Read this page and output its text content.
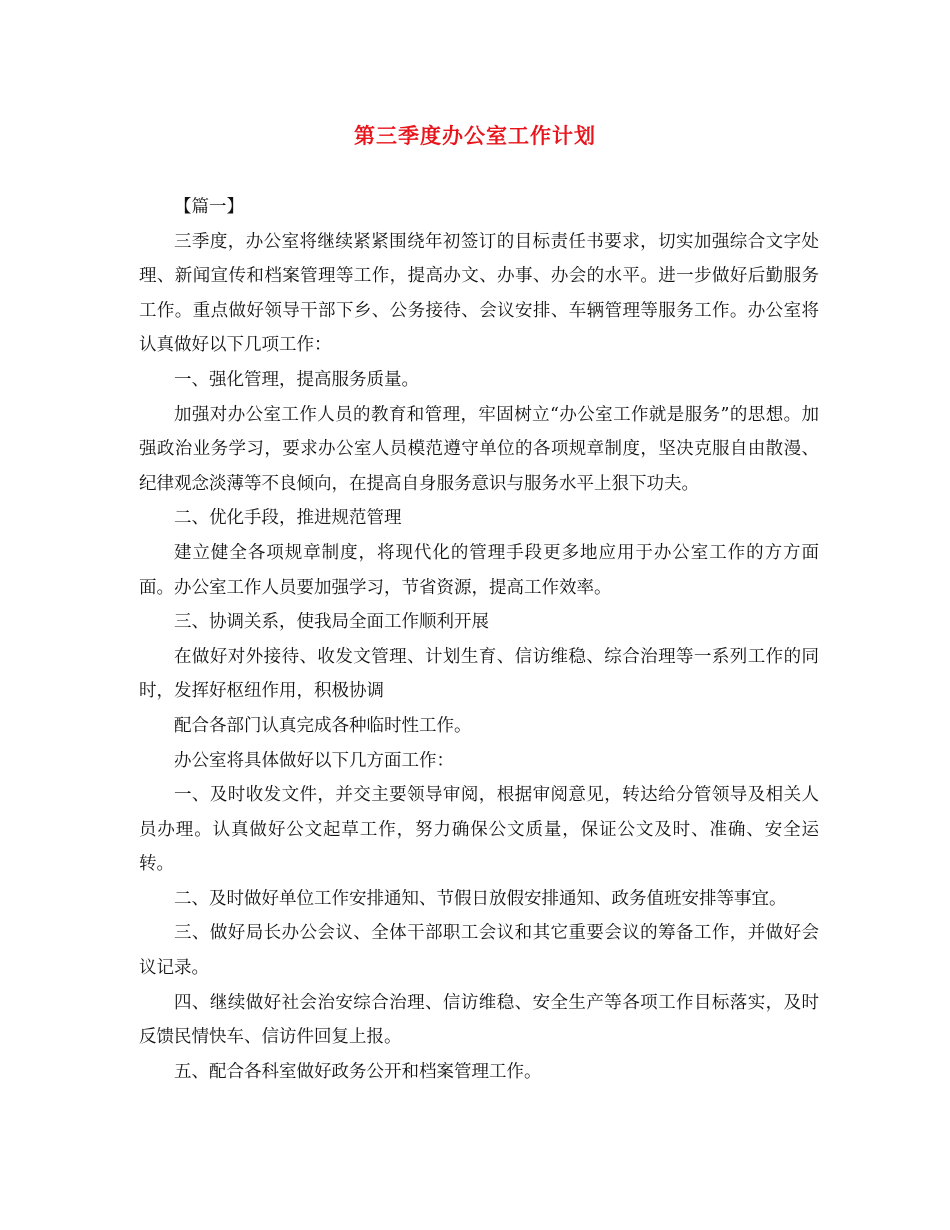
第三季度办公室工作计划

【篇一】

三季度，办公室将继续紧紧围绕年初签订的目标责任书要求，切实加强综合文字处理、新闻宣传和档案管理等工作，提高办文、办事、办会的水平。进一步做好后勤服务工作。重点做好领导干部下乡、公务接待、会议安排、车辆管理等服务工作。办公室将认真做好以下几项工作：

一、强化管理，提高服务质量。

加强对办公室工作人员的教育和管理，牢固树立“办公室工作就是服务”的思想。加强政治业务学习，要求办公室人员模范遵守单位的各项规章制度，坚决克服自由散漫、纪律观念淡薄等不良倾向，在提高自身服务意识与服务水平上狠下功夫。

二、优化手段，推进规范管理

建立健全各项规章制度，将现代化的管理手段更多地应用于办公室工作的方方面面。办公室工作人员要加强学习，节省资源，提高工作效率。

三、协调关系，使我局全面工作顺利开展

在做好对外接待、收发文管理、计划生育、信访维稳、综合治理等一系列工作的同时，发挥好枢纽作用，积极协调

配合各部门认真完成各种临时性工作。

办公室将具体做好以下几方面工作：

一、及时收发文件，并交主要领导审阅，根据审阅意见，转达给分管领导及相关人员办理。认真做好公文起草工作，努力确保公文质量，保证公文及时、准确、安全运转。

二、及时做好单位工作安排通知、节假日放假安排通知、政务值班安排等事宜。

三、做好局长办公会议、全体干部职工会议和其它重要会议的筹备工作，并做好会议记录。

四、继续做好社会治安综合治理、信访维稳、安全生产等各项工作目标落实，及时反馈民情快车、信访件回复上报。

五、配合各科室做好政务公开和档案管理工作。
